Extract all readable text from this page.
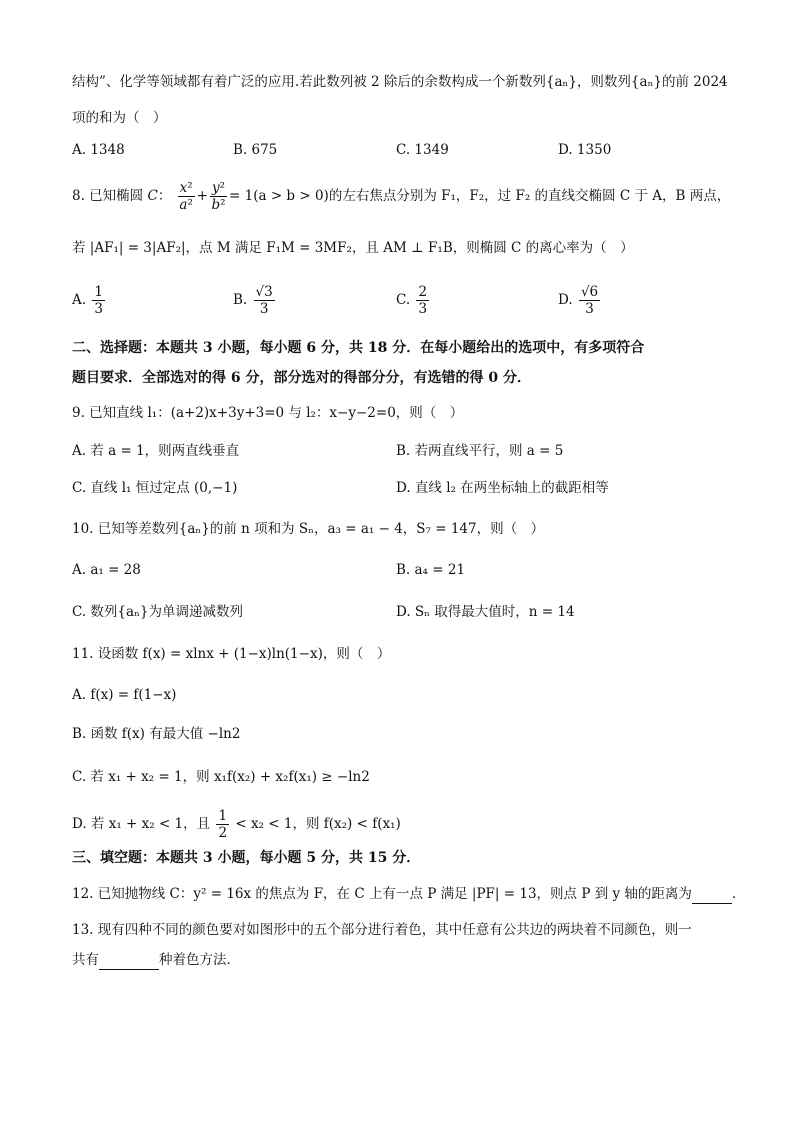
结构”、化学等领域都有着广泛的应用.若此数列被 2 除后的余数构成一个新数列{aₙ}，则数列{aₙ}的前 2024
项的和为（　）
A. 1348	B. 675	C. 1349	D. 1350
8. 已知椭圆 C： $\frac{\text{x²}}{\text{a²}} + \frac{\text{y²}}{\text{b²}} = 1(a > b > 0)$的左右焦点分别为 F₁，F₂，过 F₂ 的直线交椭圆 C 于 A，B 两点，
若 |AF₁| = 3|AF₂|，点 M 满足 F₁M = 3MF₂，且 AM ⊥ F₁B，则椭圆 C 的离心率为（　）
A. $\frac{1}{3}$	B. $\frac{√3}{3}$	C. $\frac{2}{3}$	D. $\frac{√6}{3}$
二、选择题：本题共 3 小题，每小题 6 分，共 18 分．在每小题给出的选项中，有多项符合
题目要求．全部选对的得 6 分，部分选对的得部分分，有选错的得 0 分．
9. 已知直线 l₁：(a+2)x+3y+3=0 与 l₂：x−y−2=0，则（　）
A. 若 a = 1，则两直线垂直	B. 若两直线平行，则 a = 5
C. 直线 l₁ 恒过定点 (0,−1)	D. 直线 l₂ 在两坐标轴上的截距相等
10. 已知等差数列{aₙ}的前 n 项和为 Sₙ，a₃ = a₁ − 4，S₇ = 147，则（　）
A. a₁ = 28	B. a₄ = 21
C. 数列{aₙ}为单调递减数列	D. Sₙ 取得最大值时，n = 14
11. 设函数 f(x) = xlnx + (1−x)ln(1−x)，则（　）
A. f(x) = f(1−x)
B. 函数 f(x) 有最大值 −ln2
C. 若 x₁ + x₂ = 1，则 x₁f(x₂) + x₂f(x₁) ≥ −ln2
D. 若 x₁ + x₂ < 1，且 $\frac{1}{2} < x_2 < 1$，则 f(x₂) < f(x₁)
三、填空题：本题共 3 小题，每小题 5 分，共 15 分．
12. 已知抛物线 C：y² = 16x 的焦点为 F，在 C 上有一点 P 满足 |PF| = 13，则点 P 到 y 轴的距离为	.
13. 现有四种不同的颜色要对如图形中的五个部分进行着色，其中任意有公共边的两块着不同颜色，则一
共有	种着色方法．
